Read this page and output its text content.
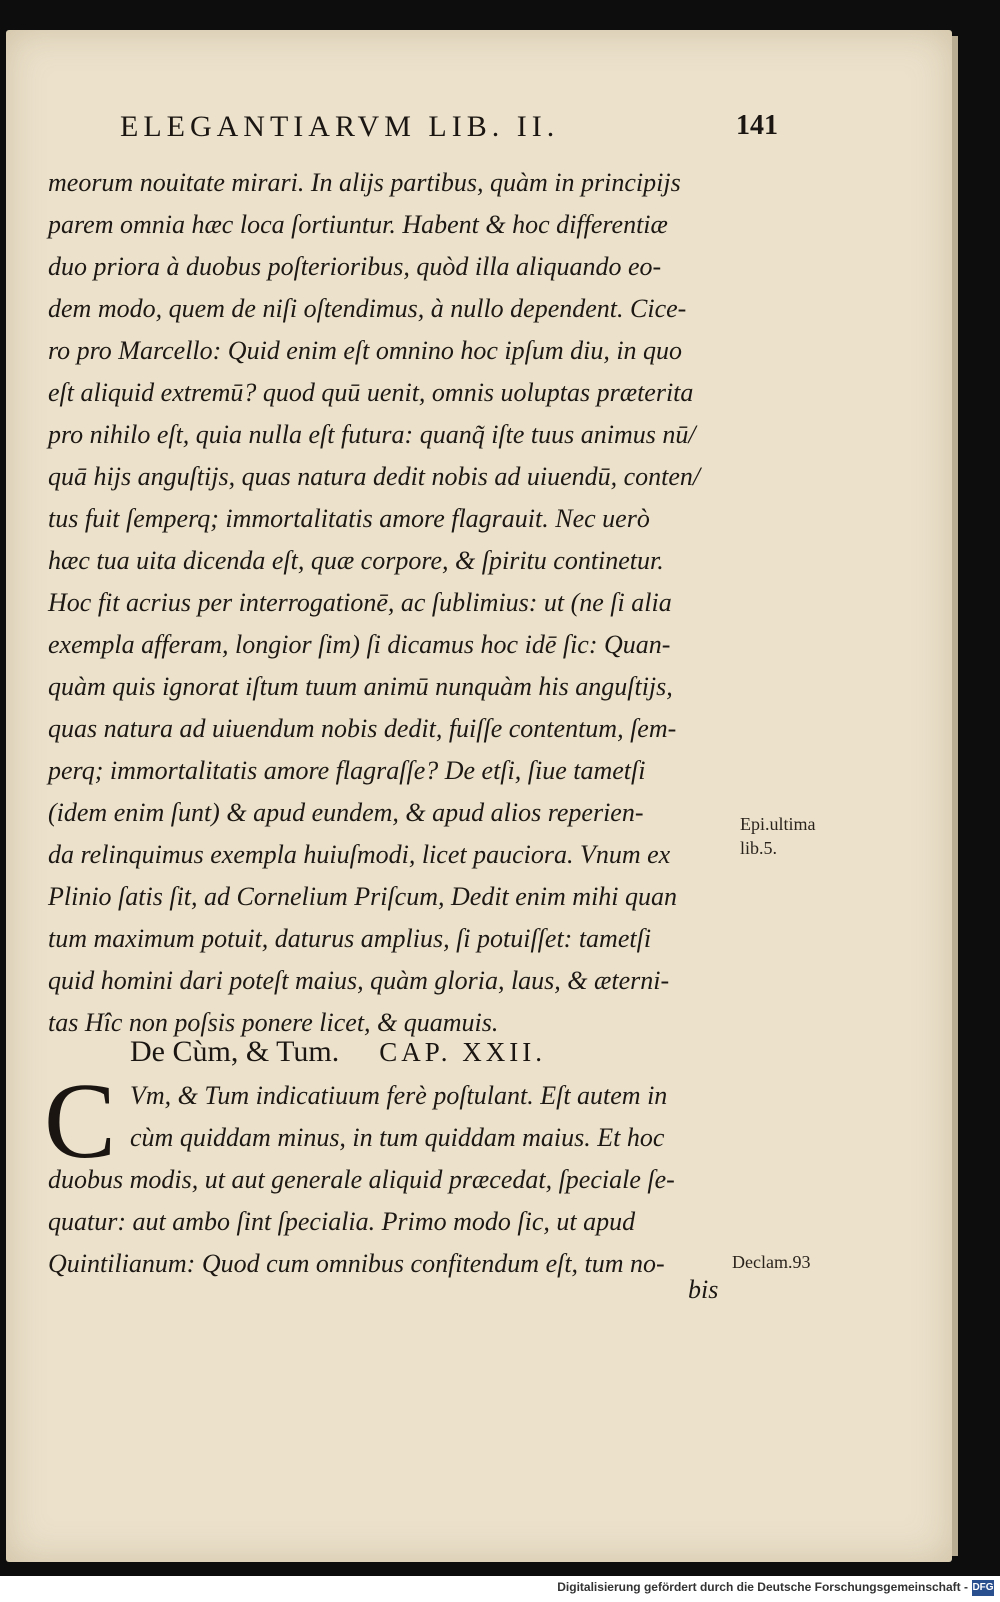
ELEGANTIARVM LIB. II.	141
meorum nouitate mirari. In alijs partibus, quàm in principijs
parem omnia hæc loca ſortiuntur. Habent & hoc differentiæ
duo priora à duobus poſterioribus, quòd illa aliquando eo-
dem modo, quem de niſi oſtendimus, à nullo dependent. Cice-
ro pro Marcello: Quid enim eſt omnino hoc ipſum diu, in quo
eſt aliquid extremū? quod quū uenit, omnis uoluptas præterita
pro nihilo eſt, quia nulla eſt futura: quanq̃ iſte tuus animus nū/
quā hijs anguſtijs, quas natura dedit nobis ad uiuendū, conten/
tus fuit ſemperq; immortalitatis amore flagrauit. Nec uerò
hæc tua uita dicenda eſt, quæ corpore, & ſpiritu continetur.
Hoc fit acrius per interrogationē, ac ſublimius: ut (ne ſi alia
exempla afferam, longior ſim) ſi dicamus hoc idē ſic: Quan-
quàm quis ignorat iſtum tuum animū nunquàm his anguſtijs,
quas natura ad uiuendum nobis dedit, fuiſſe contentum, ſem-
perq; immortalitatis amore flagraſſe? De etſi, ſiue tametſi
(idem enim ſunt) & apud eundem, & apud alios reperien-
da relinquimus exempla huiuſmodi, licet pauciora. Vnum ex
Plinio ſatis ſit, ad Cornelium Priſcum, Dedit enim mihi quan
tum maximum potuit, daturus amplius, ſi potuiſſet: tametſi
quid homini dari poteſt maius, quàm gloria, laus, & æterni-
tas Hîc non poſsis ponere licet, & quamuis.
De Cùm, & Tum. CAP. XXII.
C Vm, & Tum indicatiuum ferè poſtulant. Eſt autem in
cùm quiddam minus, in tum quiddam maius. Et hoc
duobus modis, ut aut generale aliquid præcedat, ſpeciale ſe-
quatur: aut ambo ſint ſpecialia. Primo modo ſic, ut apud
Quintilianum: Quod cum omnibus confitendum eſt, tum no-
bis
Epi.ultima
lib.5.
Declam.93
Digitalisierung gefördert durch die Deutsche Forschungsgemeinschaft - DFG
